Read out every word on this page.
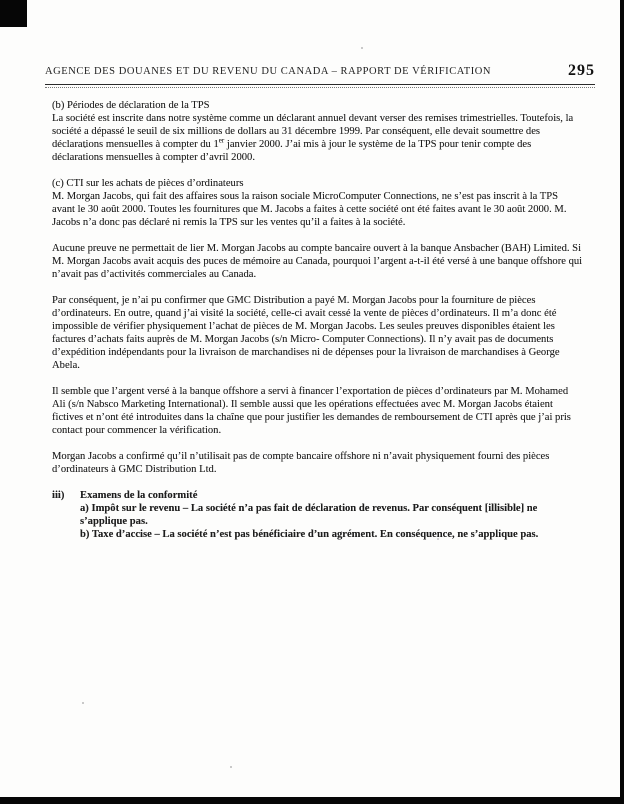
AGENCE DES DOUANES ET DU REVENU DU CANADA – RAPPORT DE VÉRIFICATION	295

(b) Périodes de déclaration de la TPS

La société est inscrite dans notre système comme un déclarant annuel devant verser des remises trimestrielles. Toutefois, la société a dépassé le seuil de six millions de dollars au 31 décembre 1999. Par conséquent, elle devait soumettre des déclarations mensuelles à compter du 1er janvier 2000. J’ai mis à jour le système de la TPS pour tenir compte des déclarations mensuelles à compter d’avril 2000.

(c) CTI sur les achats de pièces d’ordinateurs

M. Morgan Jacobs, qui fait des affaires sous la raison sociale MicroComputer Connections, ne s’est pas inscrit à la TPS avant le 30 août 2000. Toutes les fournitures que M. Jacobs a faites à cette société ont été faites avant le 30 août 2000. M. Jacobs n’a donc pas déclaré ni remis la TPS sur les ventes qu’il a faites à la société.

Aucune preuve ne permettait de lier M. Morgan Jacobs au compte bancaire ouvert à la banque Ansbacher (BAH) Limited. Si M. Morgan Jacobs avait acquis des puces de mémoire au Canada, pourquoi l’argent a-t-il été versé à une banque offshore qui n’avait pas d’activités commerciales au Canada.

Par conséquent, je n’ai pu confirmer que GMC Distribution a payé M. Morgan Jacobs pour la fourniture de pièces d’ordinateurs. En outre, quand j’ai visité la société, celle-ci avait cessé la vente de pièces d’ordinateurs. Il m’a donc été impossible de vérifier physiquement l’achat de pièces de M. Morgan Jacobs. Les seules preuves disponibles étaient les factures d’achats faits auprès de M. Morgan Jacobs (s/n Micro- Computer Connections). Il n’y avait pas de documents d’expédition indépendants pour la livraison de marchandises ni de dépenses pour la livraison de marchandises à George Abela.

Il semble que l’argent versé à la banque offshore a servi à financer l’exportation de pièces d’ordinateurs par M. Mohamed Ali (s/n Nabsco Marketing International). Il semble aussi que les opérations effectuées avec M. Morgan Jacobs étaient fictives et n’ont été introduites dans la chaîne que pour justifier les demandes de remboursement de CTI après que j’ai pris contact pour commencer la vérification.

Morgan Jacobs a confirmé qu’il n’utilisait pas de compte bancaire offshore ni n’avait physiquement fourni des pièces d’ordinateurs à GMC Distribution Ltd.

iii)	Examens de la conformité

a) Impôt sur le revenu – La société n’a pas fait de déclaration de revenus. Par conséquent [illisible] ne s’applique pas.

b) Taxe d’accise – La société n’est pas bénéficiaire d’un agrément. En conséquence, ne s’applique pas.
